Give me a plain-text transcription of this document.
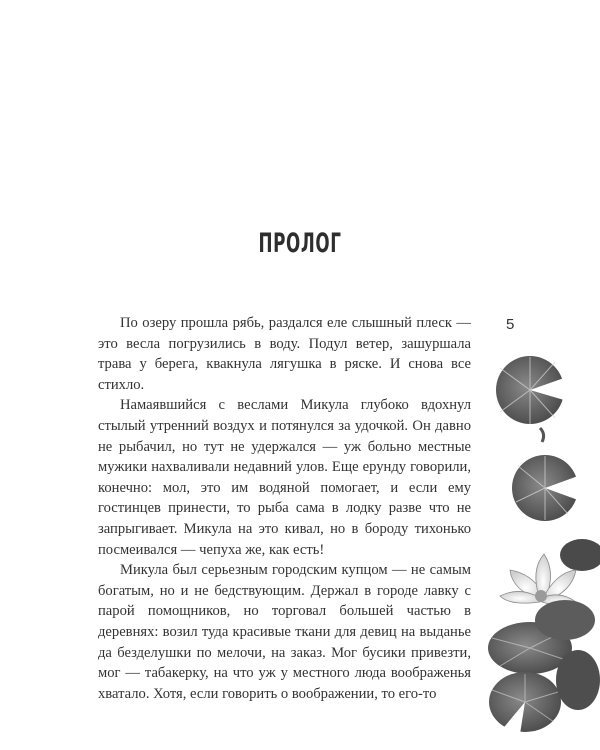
ПРОЛОГ
5

По озеру прошла рябь, раздался еле слышный плеск — это весла погрузились в воду. Подул ветер, зашуршала трава у берега, квакнула лягушка в ряске. И снова все стихло.

Намаявшийся с веслами Микула глубоко вдохнул стылый утренний воздух и потянулся за удочкой. Он давно не рыбачил, но тут не удержался — уж больно местные мужики нахваливали недавний улов. Еще ерунду говорили, конечно: мол, это им водяной помогает, и если ему гостинцев принести, то рыба сама в лодку разве что не запрыгивает. Микула на это кивал, но в бороду тихонько посмеивался — чепуха же, как есть!

Микула был серьезным городским купцом — не самым богатым, но и не бедствующим. Держал в городе лавку с парой помощников, но торговал большей частью в деревнях: возил туда красивые ткани для девиц на выданье да безделушки по мелочи, на заказ. Мог бусики привезти, мог — табакерку, на что уж у местного люда воображенья хватало. Хотя, если говорить о воображении, то его-то
